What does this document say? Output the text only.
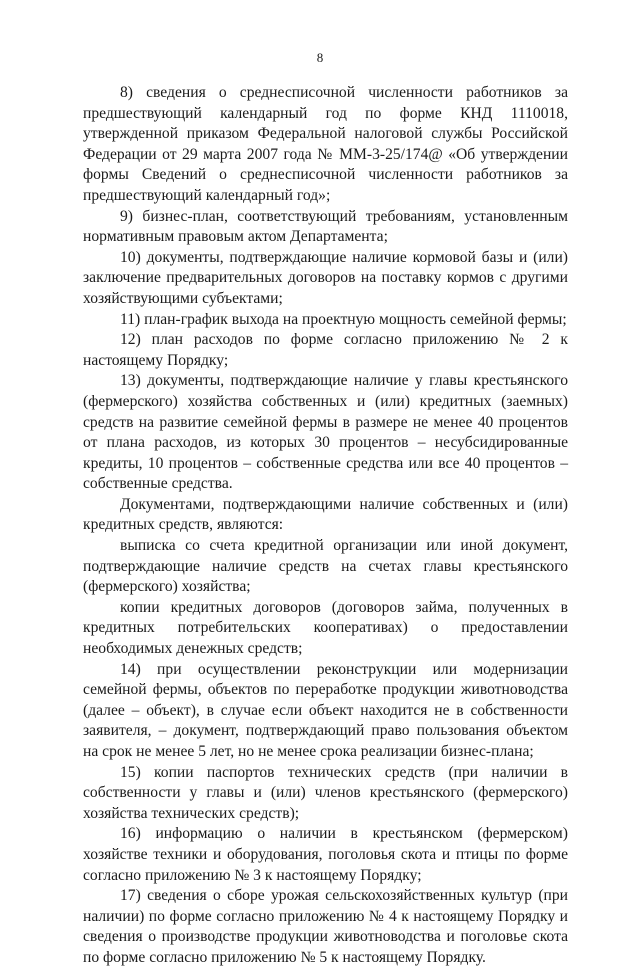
8

8) сведения о среднесписочной численности работников за предшествующий календарный год по форме КНД 1110018, утвержденной приказом Федеральной налоговой службы Российской Федерации от 29 марта 2007 года № ММ-3-25/174@ «Об утверждении формы Сведений о среднесписочной численности работников за предшествующий календарный год»;

9) бизнес-план, соответствующий требованиям, установленным нормативным правовым актом Департамента;

10) документы, подтверждающие наличие кормовой базы и (или) заключение предварительных договоров на поставку кормов с другими хозяйствующими субъектами;

11) план-график выхода на проектную мощность семейной фермы;

12) план расходов по форме согласно приложению № 2 к настоящему Порядку;

13) документы, подтверждающие наличие у главы крестьянского (фермерского) хозяйства собственных и (или) кредитных (заемных) средств на развитие семейной фермы в размере не менее 40 процентов от плана расходов, из которых 30 процентов – несубсидированные кредиты, 10 процентов – собственные средства или все 40 процентов – собственные средства.

Документами, подтверждающими наличие собственных и (или) кредитных средств, являются:

выписка со счета кредитной организации или иной документ, подтверждающие наличие средств на счетах главы крестьянского (фермерского) хозяйства;

копии кредитных договоров (договоров займа, полученных в кредитных потребительских кооперативах) о предоставлении необходимых денежных средств;

14) при осуществлении реконструкции или модернизации семейной фермы, объектов по переработке продукции животноводства (далее – объект), в случае если объект находится не в собственности заявителя, – документ, подтверждающий право пользования объектом на срок не менее 5 лет, но не менее срока реализации бизнес-плана;

15) копии паспортов технических средств (при наличии в собственности у главы и (или) членов крестьянского (фермерского) хозяйства технических средств);

16) информацию о наличии в крестьянском (фермерском) хозяйстве техники и оборудования, поголовья скота и птицы по форме согласно приложению № 3 к настоящему Порядку;

17) сведения о сборе урожая сельскохозяйственных культур (при наличии) по форме согласно приложению № 4 к настоящему Порядку и сведения о производстве продукции животноводства и поголовье скота по форме согласно приложению № 5 к настоящему Порядку.
